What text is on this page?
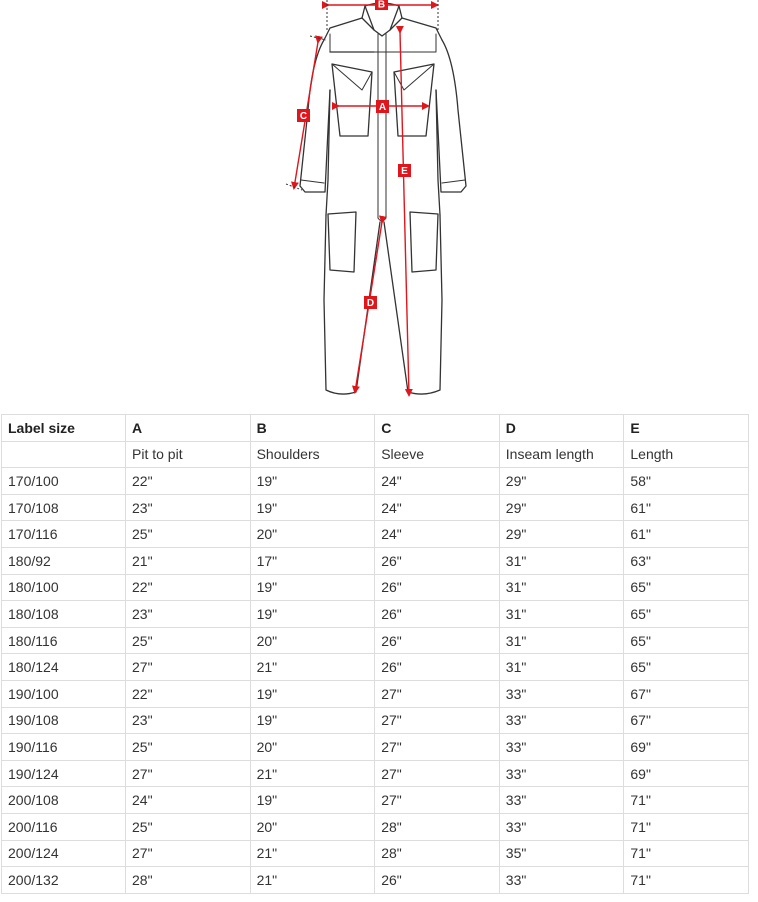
B
A
C
E
D
Label size	A	B	C	D	E
	Pit to pit	Shoulders	Sleeve	Inseam length	Length
170/100	22"	19"	24"	29"	58"
170/108	23"	19"	24"	29"	61"
170/116	25"	20"	24"	29"	61"
180/92	21"	17"	26"	31"	63"
180/100	22"	19"	26"	31"	65"
180/108	23"	19"	26"	31"	65"
180/116	25"	20"	26"	31"	65"
180/124	27"	21"	26"	31"	65"
190/100	22"	19"	27"	33"	67"
190/108	23"	19"	27"	33"	67"
190/116	25"	20"	27"	33"	69"
190/124	27"	21"	27"	33"	69"
200/108	24"	19"	27"	33"	71"
200/116	25"	20"	28"	33"	71"
200/124	27"	21"	28"	35"	71"
200/132	28"	21"	26"	33"	71"
